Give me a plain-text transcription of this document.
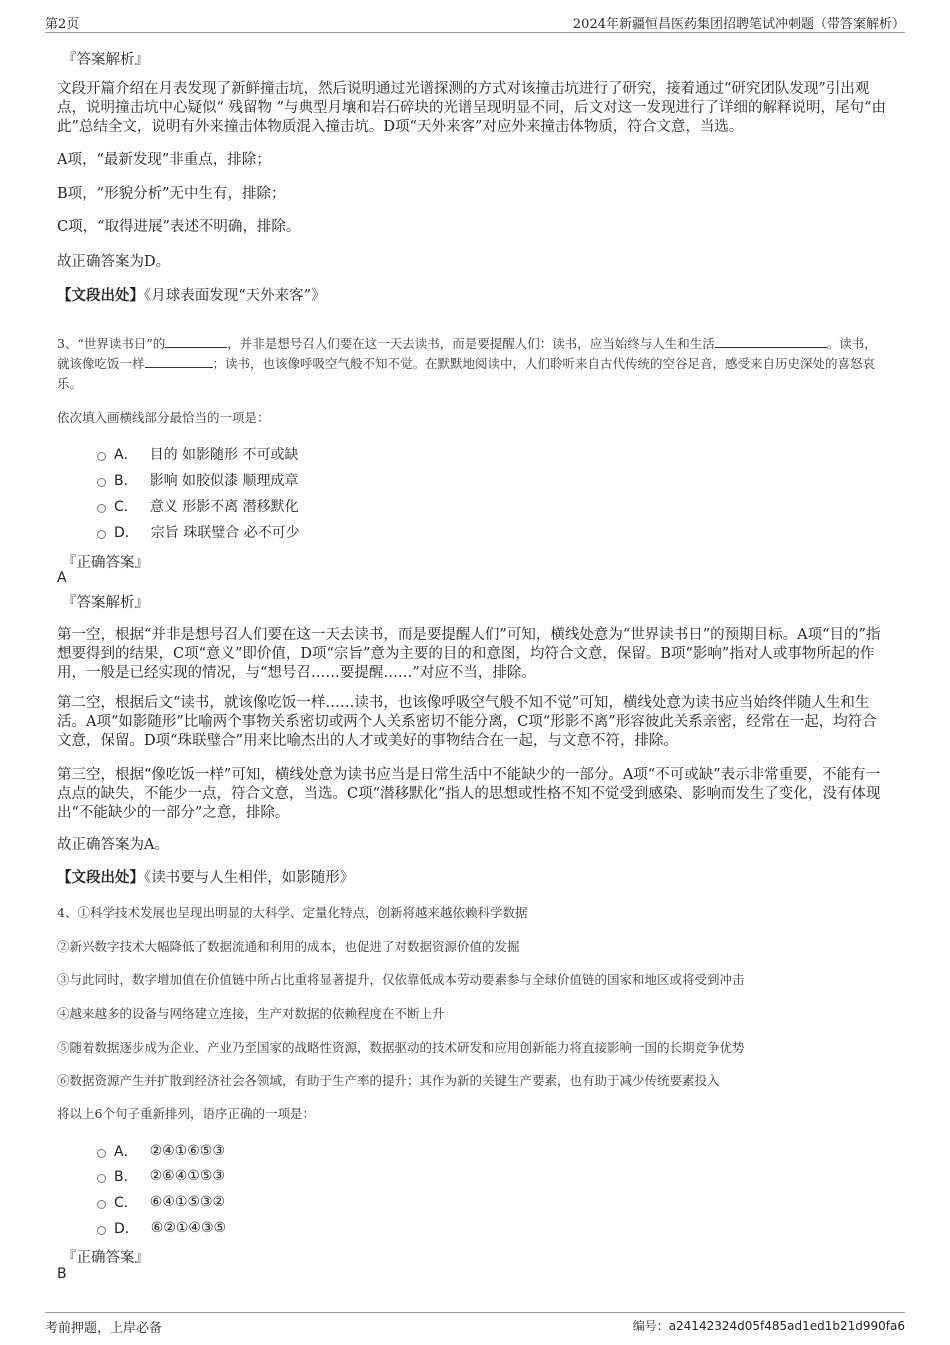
第2页	2024年新疆恒昌医药集团招聘笔试冲刺题（带答案解析）
『答案解析』
文段开篇介绍在月表发现了新鲜撞击坑，然后说明通过光谱探测的方式对该撞击坑进行了研究，接着通过“研究团队发现”引出观点，说明撞击坑中心疑似“ 残留物 ”与典型月壤和岩石碎块的光谱呈现明显不同，后文对这一发现进行了详细的解释说明，尾句“由此”总结全文，说明有外来撞击体物质混入撞击坑。D项“天外来客”对应外来撞击体物质，符合文意，当选。
A项，“最新发现”非重点，排除；
B项，“形貌分析”无中生有，排除；
C项，“取得进展”表述不明确，排除。
故正确答案为D。
【文段出处】《月球表面发现“天外来客”》
3、“世界读书日”的	，并非是想号召人们要在这一天去读书，而是要提醒人们：读书，应当始终与人生和生活	。读书，就该像吃饭一样	；读书，也该像呼吸空气般不知不觉。在默默地阅读中，人们聆听来自古代传统的空谷足音，感受来自历史深处的喜怒哀乐。
依次填入画横线部分最恰当的一项是：
A． 目的 如影随形 不可或缺
B． 影响 如胶似漆 顺理成章
C． 意义 形影不离 潜移默化
D． 宗旨 珠联璧合 必不可少
『正确答案』
A
『答案解析』
第一空，根据“并非是想号召人们要在这一天去读书，而是要提醒人们”可知，横线处意为“世界读书日”的预期目标。A项“目的”指想要得到的结果，C项“意义”即价值，D项“宗旨”意为主要的目的和意图，均符合文意，保留。B项“影响”指对人或事物所起的作用，一般是已经实现的情况，与“想号召……要提醒……”对应不当，排除。
第二空，根据后文“读书，就该像吃饭一样……读书，也该像呼吸空气般不知不觉”可知，横线处意为读书应当始终伴随人生和生活。A项“如影随形”比喻两个事物关系密切或两个人关系密切不能分离，C项“形影不离”形容彼此关系亲密，经常在一起，均符合文意，保留。D项“珠联璧合”用来比喻杰出的人才或美好的事物结合在一起，与文意不符，排除。
第三空，根据“像吃饭一样”可知，横线处意为读书应当是日常生活中不能缺少的一部分。A项“不可或缺”表示非常重要，不能有一点点的缺失，不能少一点，符合文意，当选。C项“潜移默化”指人的思想或性格不知不觉受到感染、影响而发生了变化，没有体现出“不能缺少的一部分”之意，排除。
故正确答案为A。
【文段出处】《读书要与人生相伴，如影随形》
4、①科学技术发展也呈现出明显的大科学、定量化特点，创新将越来越依赖科学数据
②新兴数字技术大幅降低了数据流通和利用的成本，也促进了对数据资源价值的发掘
③与此同时，数字增加值在价值链中所占比重将显著提升，仅依靠低成本劳动要素参与全球价值链的国家和地区或将受到冲击
④越来越多的设备与网络建立连接，生产对数据的依赖程度在不断上升
⑤随着数据逐步成为企业、产业乃至国家的战略性资源，数据驱动的技术研发和应用创新能力将直接影响一国的长期竞争优势
⑥数据资源产生并扩散到经济社会各领域，有助于生产率的提升；其作为新的关键生产要素，也有助于减少传统要素投入
将以上6个句子重新排列，语序正确的一项是：
A． ②④①⑥⑤③
B． ②⑥④①⑤③
C． ⑥④①⑤③②
D． ⑥②①④③⑤
『正确答案』
B
考前押题，上岸必备	编号：a24142324d05f485ad1ed1b21d990fa6
